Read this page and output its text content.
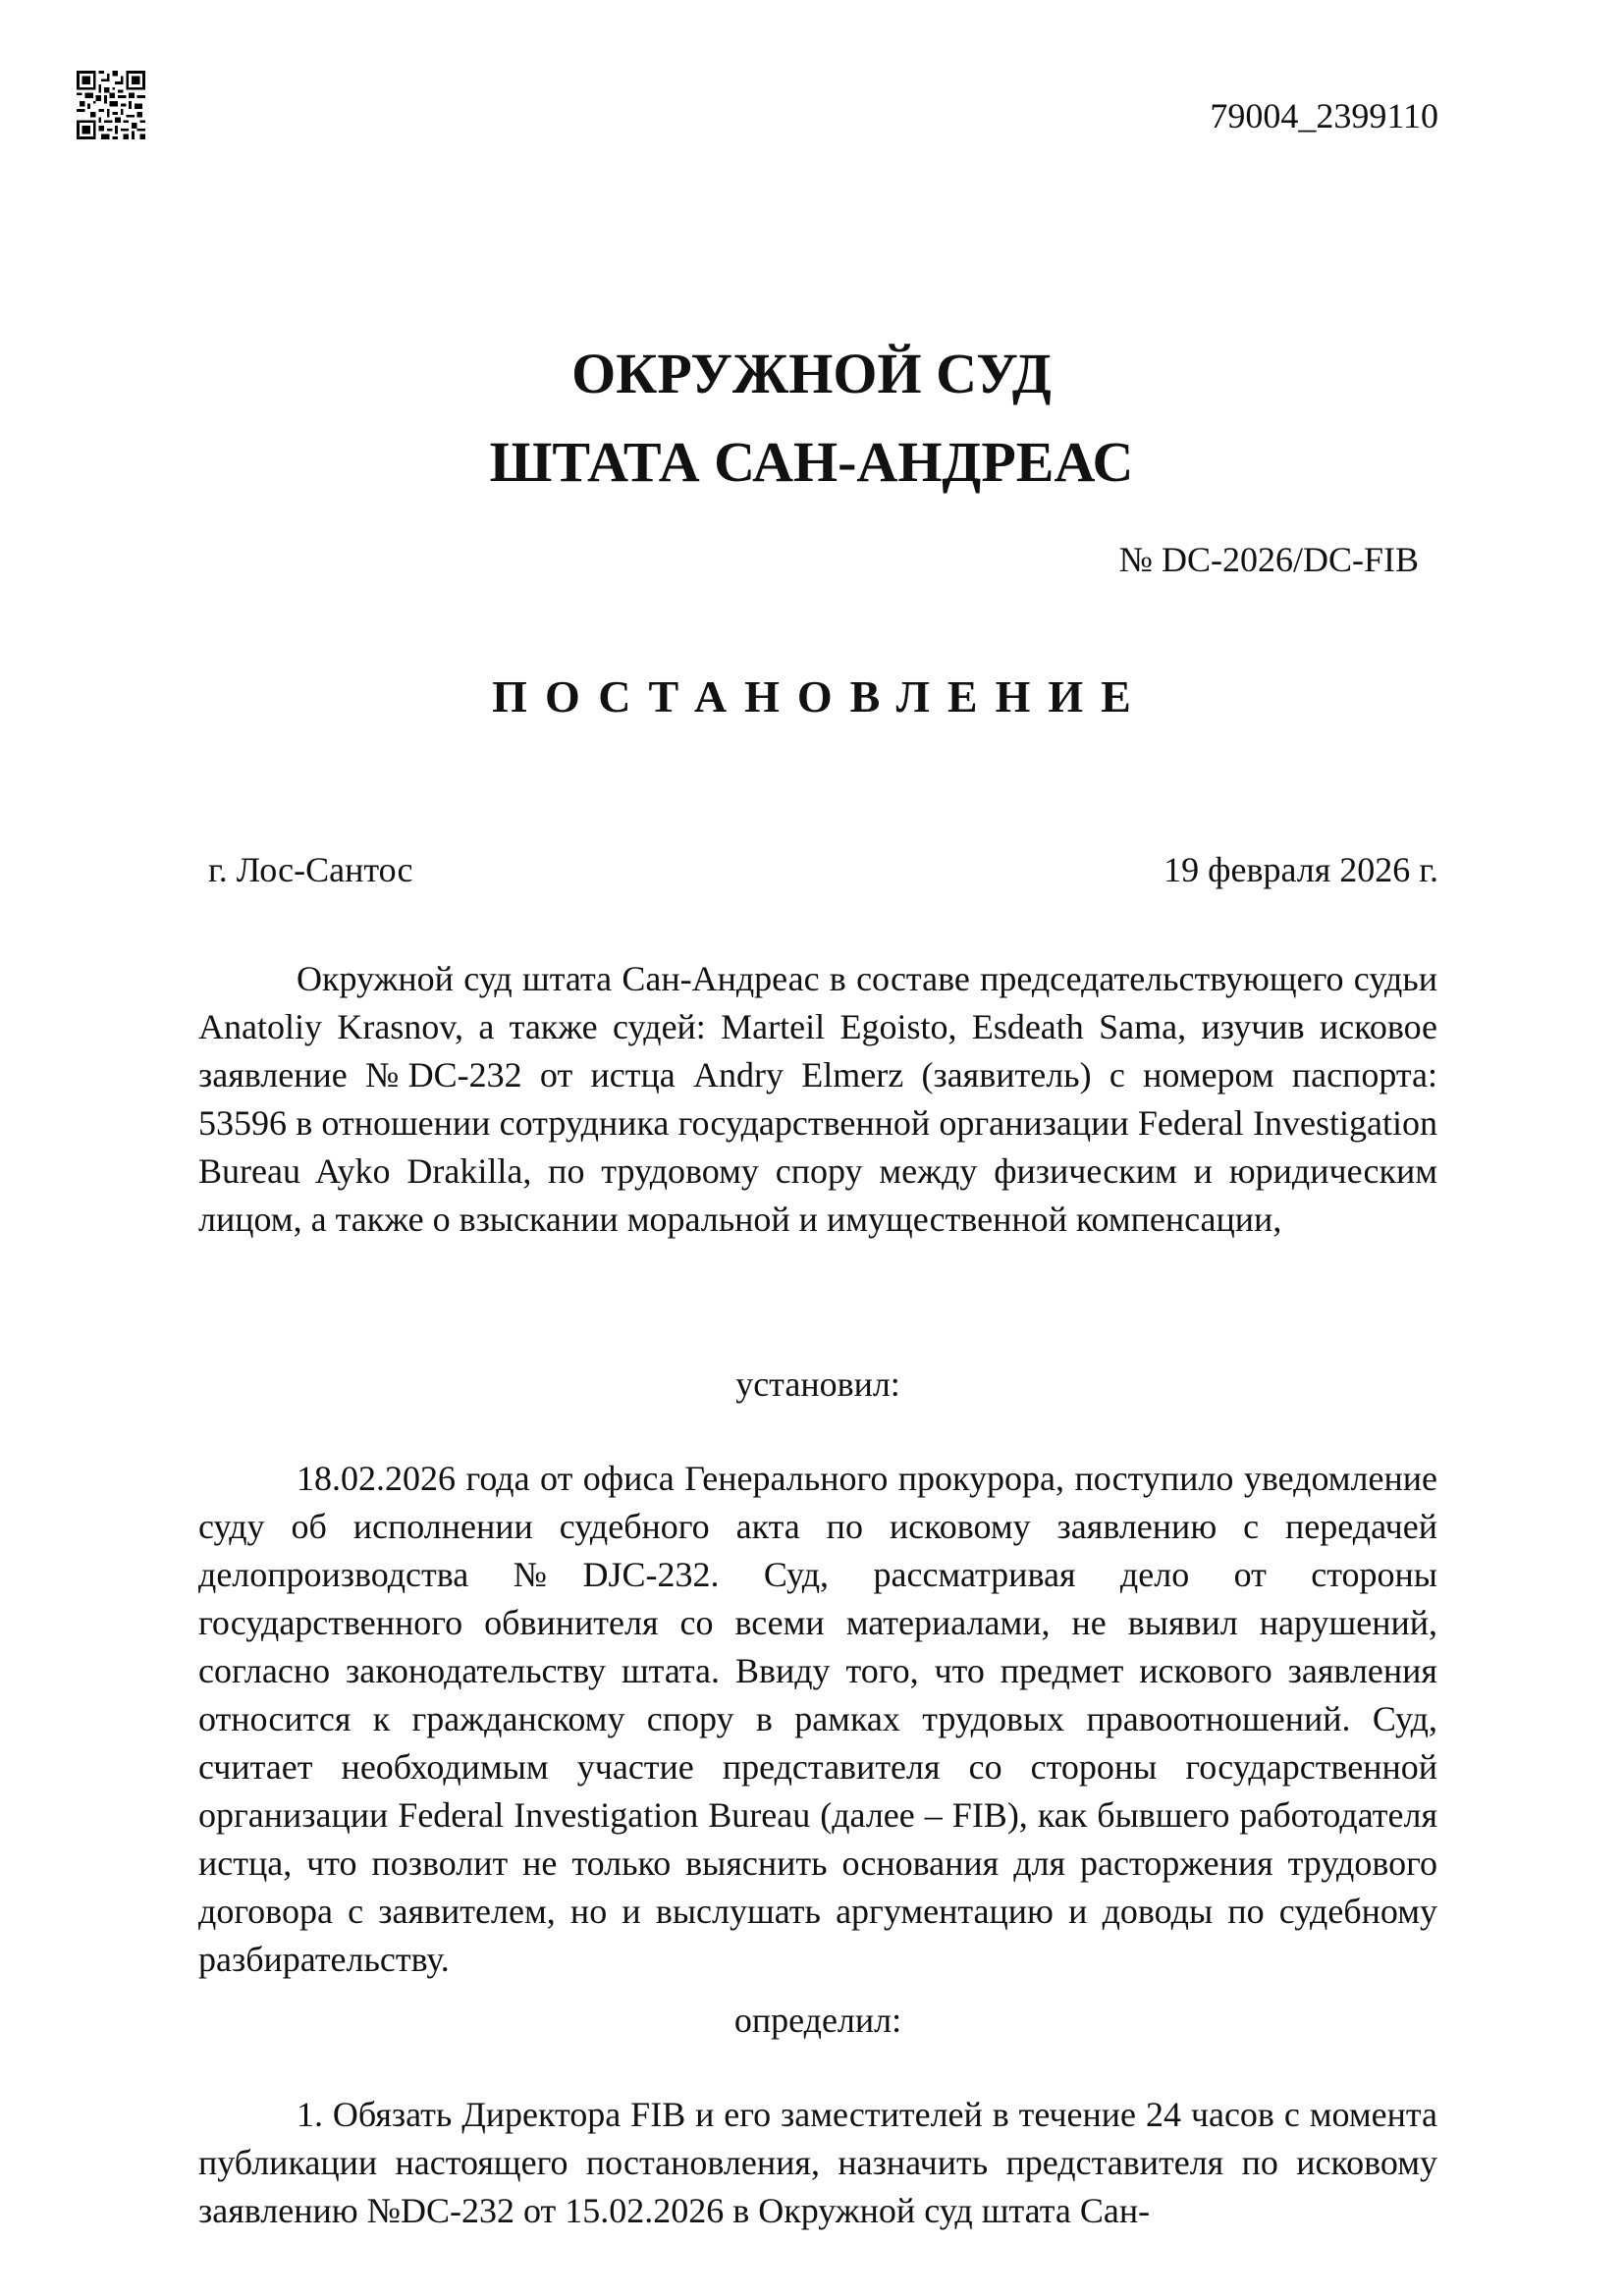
79004_2399110
ОКРУЖНОЙ СУД
ШТАТА САН-АНДРЕАС
№ DC-2026/DC-FIB
ПОСТАНОВЛЕНИЕ
г. Лос-Сантос	19 февраля 2026 г.

Окружной суд штата Сан-Андреас в составе председательствующего судьи Anatoliy Krasnov, а также судей: Marteil Egoisto, Esdeath Sama, изучив исковое заявление №DC-232 от истца Andry Elmerz (заявитель) с номером паспорта: 53596 в отношении сотрудника государственной организации Federal Investigation Bureau Ayko Drakilla, по трудовому спору между физическим и юридическим лицом, а также о взыскании моральной и имущественной компенсации,

установил:

18.02.2026 года от офиса Генерального прокурора, поступило уведомление суду об исполнении судебного акта по исковому заявлению с передачей делопроизводства №DJC-232. Суд, рассматривая дело от стороны государственного обвинителя со всеми материалами, не выявил нарушений, согласно законодательству штата. Ввиду того, что предмет искового заявления относится к гражданскому спору в рамках трудовых правоотношений. Суд, считает необходимым участие представителя со стороны государственной организации Federal Investigation Bureau (далее – FIB), как бывшего работодателя истца, что позволит не только выяснить основания для расторжения трудового договора с заявителем, но и выслушать аргументацию и доводы по судебному разбирательству.

определил:

1. Обязать Директора FIB и его заместителей в течение 24 часов с момента публикации настоящего постановления, назначить представителя по исковому заявлению №DC-232 от 15.02.2026 в Окружной суд штата Сан-
